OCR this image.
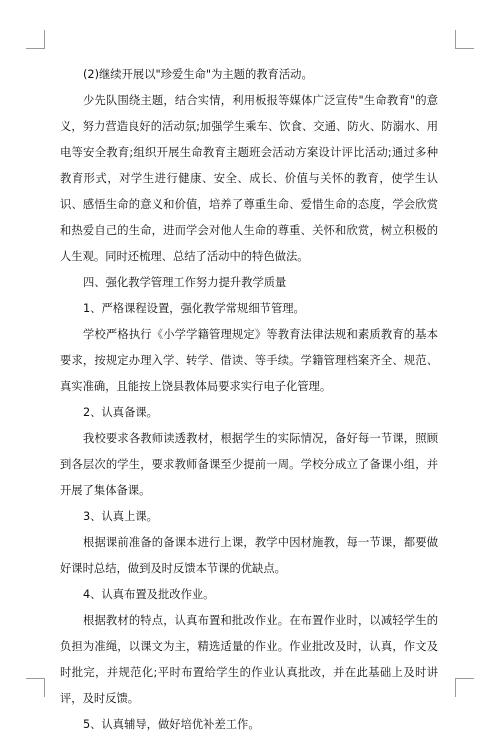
(2)继续开展以"珍爱生命"为主题的教育活动。

少先队围绕主题，结合实情，利用板报等媒体广泛宣传"生命教育"的意义，努力营造良好的活动氛;加强学生乘车、饮食、交通、防火、防溺水、用电等安全教育;组织开展生命教育主题班会活动方案设计评比活动;通过多种教育形式，对学生进行健康、安全、成长、价值与关怀的教育，使学生认识、感悟生命的意义和价值，培养了尊重生命、爱惜生命的态度，学会欣赏和热爱自己的生命，进而学会对他人生命的尊重、关怀和欣赏，树立积极的人生观。同时还梳理、总结了活动中的特色做法。

四、强化教学管理工作努力提升教学质量

1、严格课程设置，强化教学常规细节管理。

学校严格执行《小学学籍管理规定》等教育法律法规和素质教育的基本要求，按规定办理入学、转学、借读、等手续。学籍管理档案齐全、规范、真实准确，且能按上饶县教体局要求实行电子化管理。

2、认真备课。

我校要求各教师读透教材，根据学生的实际情况，备好每一节课，照顾到各层次的学生，要求教师备课至少提前一周。学校分成立了备课小组，并开展了集体备课。

3、认真上课。

根据课前准备的备课本进行上课，教学中因材施教，每一节课，都要做好课时总结，做到及时反馈本节课的优缺点。

4、认真布置及批改作业。

根据教材的特点，认真布置和批改作业。在布置作业时，以减轻学生的负担为准绳，以课文为主，精选适量的作业。作业批改及时，认真，作文及时批完，并规范化;平时布置给学生的作业认真批改，并在此基础上及时讲评，及时反馈。

5、认真辅导，做好培优补差工作。
